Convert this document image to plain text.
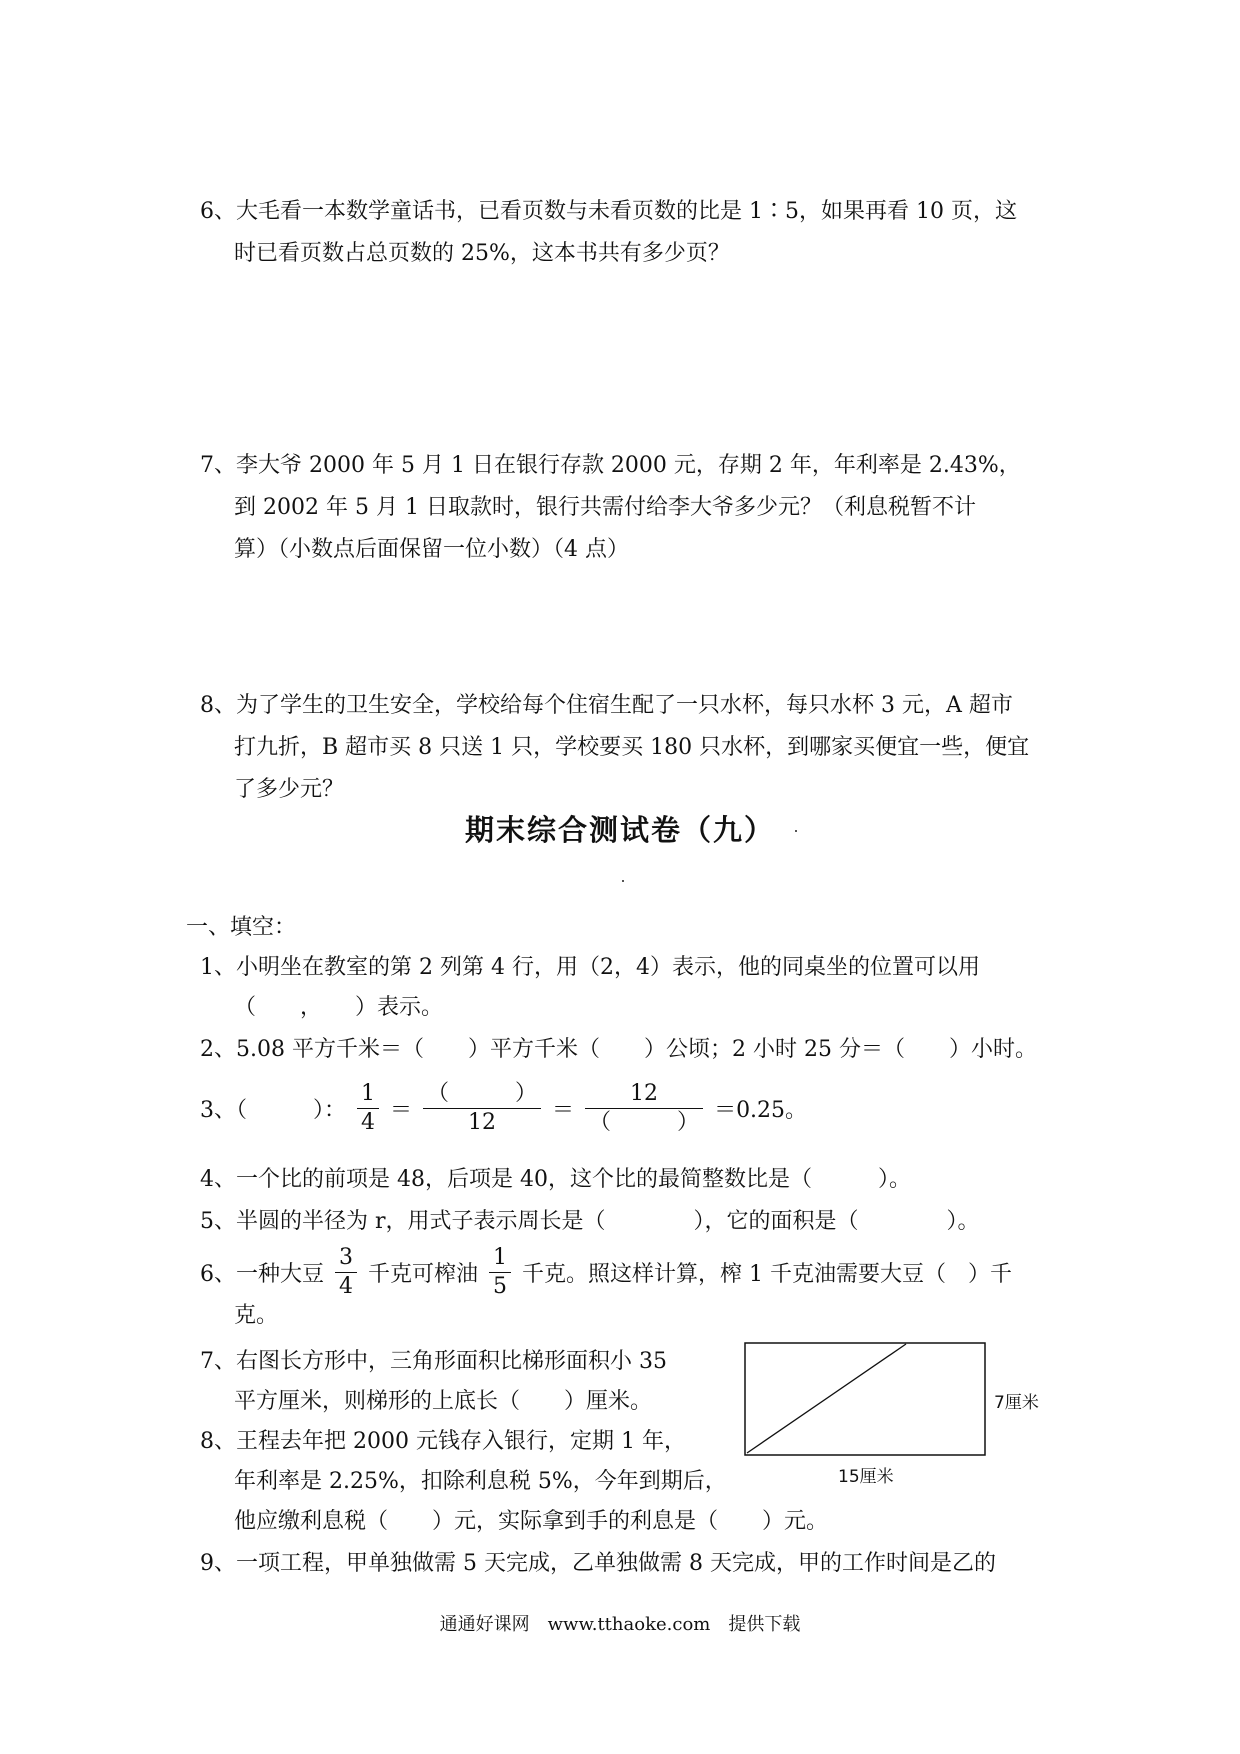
6、大毛看一本数学童话书，已看页数与未看页数的比是 1∶5，如果再看 10 页，这
时已看页数占总页数的 25%，这本书共有多少页？
7、李大爷 2000 年 5 月 1 日在银行存款 2000 元，存期 2 年，年利率是 2.43%，
到 2002 年 5 月 1 日取款时，银行共需付给李大爷多少元？（利息税暂不计
算）（小数点后面保留一位小数）（4 点）
8、为了学生的卫生安全，学校给每个住宿生配了一只水杯，每只水杯 3 元，A 超市
打九折，B 超市买 8 只送 1 只，学校要买 180 只水杯，到哪家买便宜一些，便宜
了多少元？
期末综合测试卷（九）
一、填空：
1、小明坐在教室的第 2 列第 4 行，用（2，4）表示，他的同桌坐的位置可以用
（　　，　　）表示。
2、5.08 平方千米＝（　　）平方千米（　　）公顷；2 小时 25 分＝（　　）小时。
3、（　　　）： $\frac{1}{4} = \frac{( )}{12} = \frac{12}{( )} =0.25$。
4、一个比的前项是 48，后项是 40，这个比的最简整数比是（　　　）。
5、半圆的半径为 r，用式子表示周长是（　　　　），它的面积是（　　　　）。
6、一种大豆 $\frac{3}{4}$ 千克可榨油 $\frac{1}{5}$ 千克。照这样计算，榨 1 千克油需要大豆（　）千
克。
7、右图长方形中，三角形面积比梯形面积小 35
平方厘米，则梯形的上底长（　　）厘米。
8、王程去年把 2000 元钱存入银行，定期 1 年，
年利率是 2.25%，扣除利息税 5%，今年到期后，
他应缴利息税（　　）元，实际拿到手的利息是（　　）元。
9、一项工程，甲单独做需 5 天完成，乙单独做需 8 天完成，甲的工作时间是乙的
7厘米
15厘米
通通好课网　www.tthaoke.com　提供下载
